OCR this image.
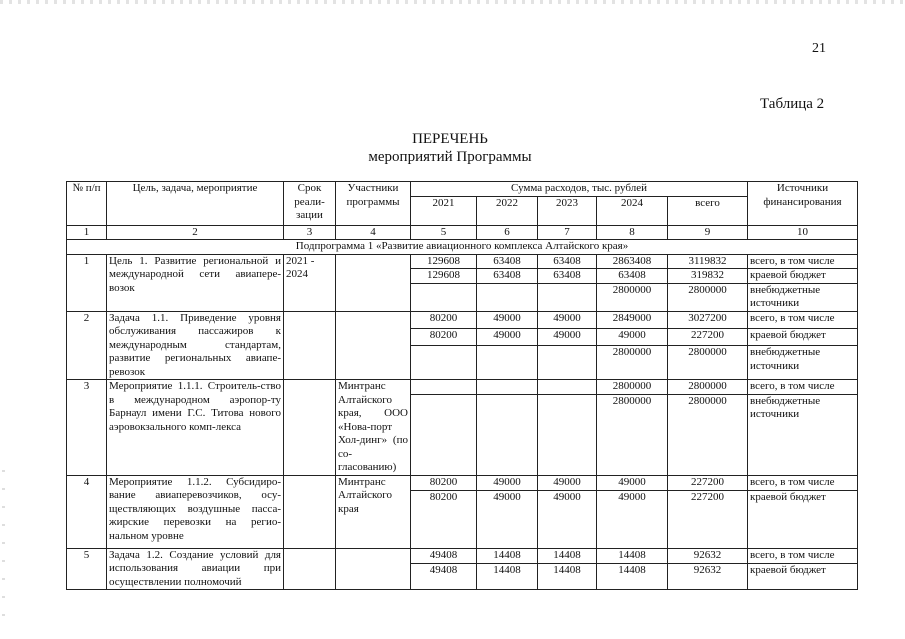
21
Таблица 2
ПЕРЕЧЕНЬ
мероприятий Программы
№ п/п	Цель, задача, мероприятие	Срок реали-зации	Участники программы	Сумма расходов, тыс. рублей					Источники финансирования
				2021	2022	2023	2024	всего	
1	2	3	4	5	6	7	8	9	10
Подпрограмма 1 «Развитие авиационного комплекса Алтайского края»									
1	Цель 1. Развитие региональной и международной сети авиапере-возок	2021 - 2024		129608	63408	63408	2863408	3119832	всего, в том числе
				129608	63408	63408	63408	319832	краевой бюджет
							2800000	2800000	внебюджетные источники
2	Задача 1.1. Приведение уровня обслуживания пассажиров к международным стандартам, развитие региональных авиапе-ревозок			80200	49000	49000	2849000	3027200	всего, в том числе
				80200	49000	49000	49000	227200	краевой бюджет
							2800000	2800000	внебюджетные источники
3	Мероприятие 1.1.1. Строитель-ство в международном аэропор-ту Барнаул имени Г.С. Титова нового аэровокзального комп-лекса		Минтранс Алтайского края, ООО «Нова-порт Хол-динг» (по со-гласованию)				2800000	2800000	всего, в том числе
							2800000	2800000	внебюджетные источники
4	Мероприятие 1.1.2. Субсидиро-вание авиаперевозчиков, осу-ществляющих воздушные пасса-жирские перевозки на регио-нальном уровне		Минтранс Алтайского края	80200	49000	49000	49000	227200	всего, в том числе
				80200	49000	49000	49000	227200	краевой бюджет
5	Задача 1.2. Создание условий для использования авиации при осуществлении полномочий			49408	14408	14408	14408	92632	всего, в том числе
				49408	14408	14408	14408	92632	краевой бюджет
